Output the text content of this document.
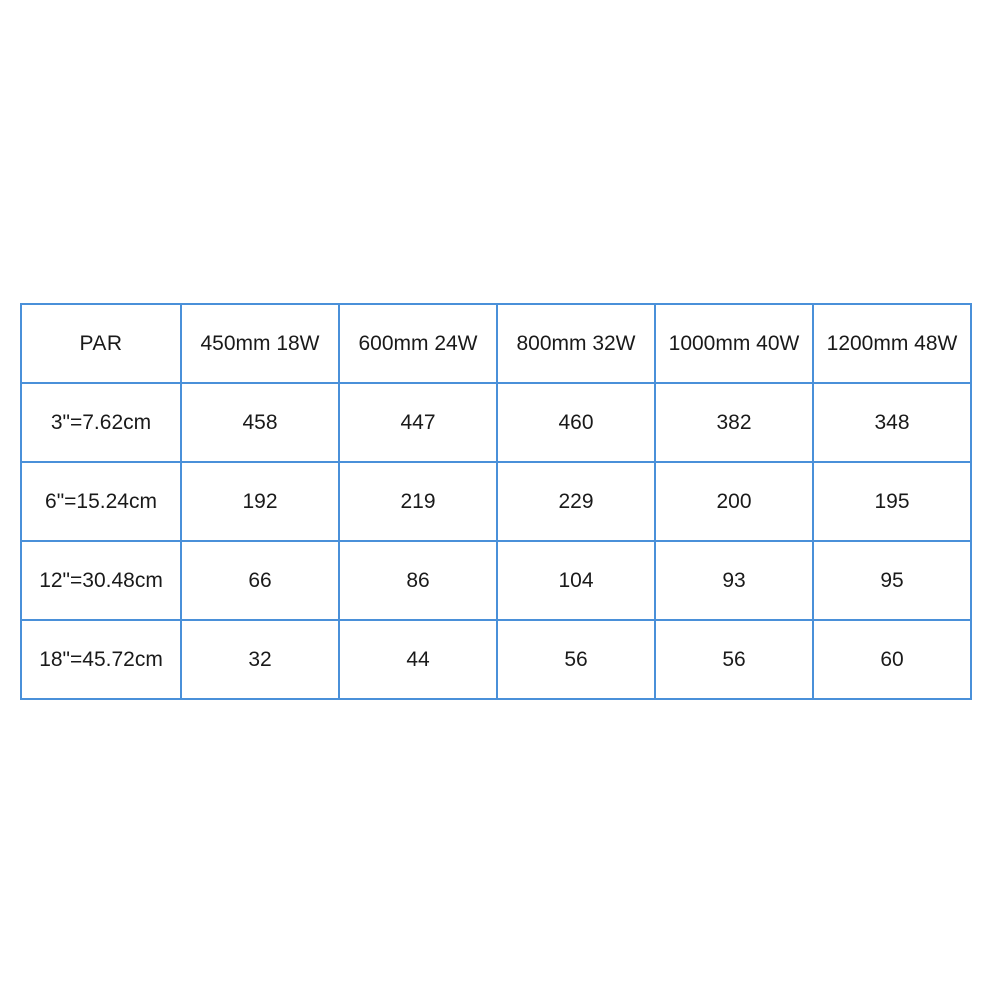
PAR	450mm 18W	600mm 24W	800mm 32W	1000mm 40W	1200mm 48W
3"=7.62cm	458	447	460	382	348
6"=15.24cm	192	219	229	200	195
12"=30.48cm	66	86	104	93	95
18"=45.72cm	32	44	56	56	60
